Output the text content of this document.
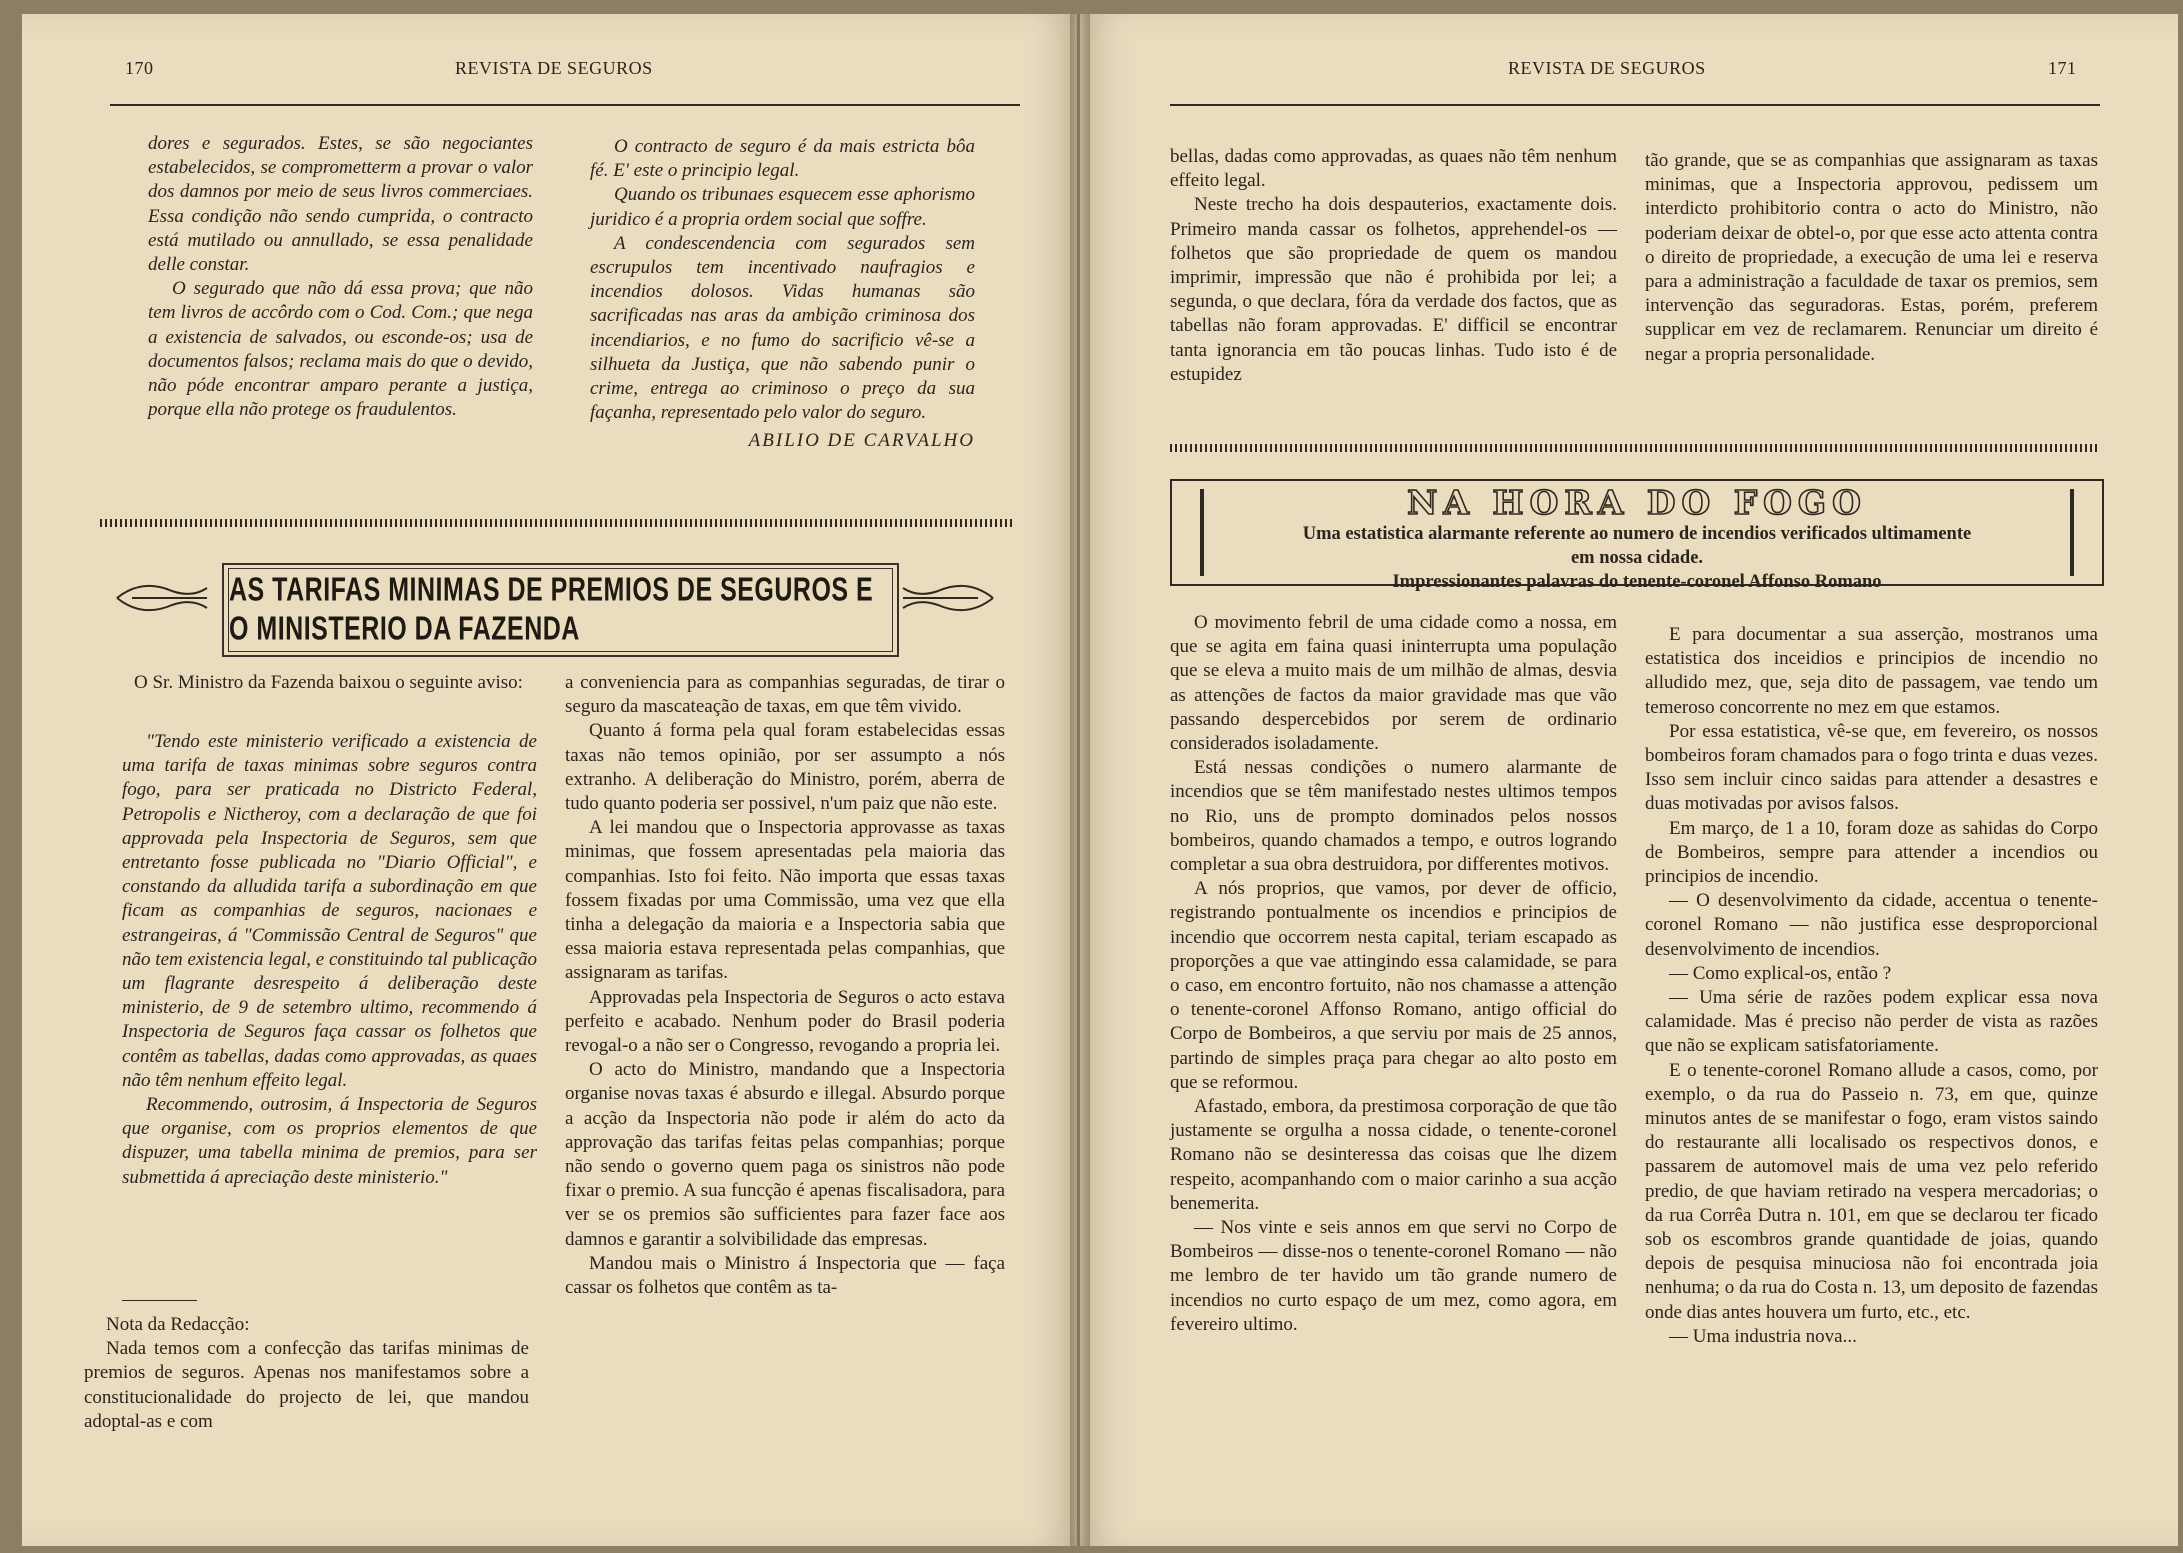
170	REVISTA DE SEGUROS

dores e segurados. Estes, se são negociantes estabelecidos, se comprometterm a provar o valor dos damnos por meio de seus livros commerciaes. Essa condição não sendo cumprida, o contracto está mutilado ou annullado, se essa penalidade delle constar.

O segurado que não dá essa prova; que não tem livros de accôrdo com o Cod. Com.; que nega a existencia de salvados, ou esconde-os; usa de documentos falsos; reclama mais do que o devido, não póde encontrar amparo perante a justiça, porque ella não protege os fraudulentos.

O contracto de seguro é da mais estricta bôa fé. E' este o principio legal.

Quando os tribunaes esquecem esse aphorismo juridico é a propria ordem social que soffre.

A condescendencia com segurados sem escrupulos tem incentivado naufragios e incendios dolosos. Vidas humanas são sacrificadas nas aras da ambição criminosa dos incendiarios, e no fumo do sacrificio vê-se a silhueta da Justiça, que não sabendo punir o crime, entrega ao criminoso o preço da sua façanha, representado pelo valor do seguro.

ABILIO DE CARVALHO
AS TARIFAS MINIMAS DE PREMIOS DE SEGUROS E O MINISTERIO DA FAZENDA

O Sr. Ministro da Fazenda baixou o seguinte aviso:

"Tendo este ministerio verificado a existencia de uma tarifa de taxas minimas sobre seguros contra fogo, para ser praticada no Districto Federal, Petropolis e Nictheroy, com a declaração de que foi approvada pela Inspectoria de Seguros, sem que entretanto fosse publicada no "Diario Official", e constando da alludida tarifa a subordinação em que ficam as companhias de seguros, nacionaes e estrangeiras, á "Commissão Central de Seguros" que não tem existencia legal, e constituindo tal publicação um flagrante desrespeito á deliberação deste ministerio, de 9 de setembro ultimo, recommendo á Inspectoria de Seguros faça cassar os folhetos que contêm as tabellas, dadas como approvadas, as quaes não têm nenhum effeito legal.

Recommendo, outrosim, á Inspectoria de Seguros que organise, com os proprios elementos de que dispuzer, uma tabella minima de premios, para ser submettida á apreciação deste ministerio."

Nota da Redacção:

Nada temos com a confecção das tarifas minimas de premios de seguros. Apenas nos manifestamos sobre a constitucionalidade do projecto de lei, que mandou adoptal-as e com

a conveniencia para as companhias seguradas, de tirar o seguro da mascateação de taxas, em que têm vivido.

Quanto á forma pela qual foram estabelecidas essas taxas não temos opinião, por ser assumpto a nós extranho. A deliberação do Ministro, porém, aberra de tudo quanto poderia ser possivel, n'um paiz que não este.

A lei mandou que o Inspectoria approvasse as taxas minimas, que fossem apresentadas pela maioria das companhias. Isto foi feito. Não importa que essas taxas fossem fixadas por uma Commissão, uma vez que ella tinha a delegação da maioria e a Inspectoria sabia que essa maioria estava representada pelas companhias, que assignaram as tarifas.

Approvadas pela Inspectoria de Seguros o acto estava perfeito e acabado. Nenhum poder do Brasil poderia revogal-o a não ser o Congresso, revogando a propria lei.

O acto do Ministro, mandando que a Inspectoria organise novas taxas é absurdo e illegal. Absurdo porque a acção da Inspectoria não pode ir além do acto da approvação das tarifas feitas pelas companhias; porque não sendo o governo quem paga os sinistros não pode fixar o premio. A sua funcção é apenas fiscalisadora, para ver se os premios são sufficientes para fazer face aos damnos e garantir a solvibilidade das empresas.

Mandou mais o Ministro á Inspectoria que — faça cassar os folhetos que contêm as ta-

REVISTA DE SEGUROS	171

bellas, dadas como approvadas, as quaes não têm nenhum effeito legal.

Neste trecho ha dois despauterios, exactamente dois. Primeiro manda cassar os folhetos, apprehendel-os — folhetos que são propriedade de quem os mandou imprimir, impressão que não é prohibida por lei; a segunda, o que declara, fóra da verdade dos factos, que as tabellas não foram approvadas. E' difficil se encontrar tanta ignorancia em tão poucas linhas. Tudo isto é de estupidez

tão grande, que se as companhias que assignaram as taxas minimas, que a Inspectoria approvou, pedissem um interdicto prohibitorio contra o acto do Ministro, não poderiam deixar de obtel-o, por que esse acto attenta contra o direito de propriedade, a execução de uma lei e reserva para a administração a faculdade de taxar os premios, sem intervenção das seguradoras. Estas, porém, preferem supplicar em vez de reclamarem. Renunciar um direito é negar a propria personalidade.

NA HORA DO FOGO
Uma estatistica alarmante referente ao numero de incendios verificados ultimamente em nossa cidade.
Impressionantes palavras do tenente-coronel Affonso Romano

O movimento febril de uma cidade como a nossa, em que se agita em faina quasi ininterrupta uma população que se eleva a muito mais de um milhão de almas, desvia as attenções de factos da maior gravidade mas que vão passando despercebidos por serem de ordinario considerados isoladamente.

Está nessas condições o numero alarmante de incendios que se têm manifestado nestes ultimos tempos no Rio, uns de prompto dominados pelos nossos bombeiros, quando chamados a tempo, e outros logrando completar a sua obra destruidora, por differentes motivos.

A nós proprios, que vamos, por dever de officio, registrando pontualmente os incendios e principios de incendio que occorrem nesta capital, teriam escapado as proporções a que vae attingindo essa calamidade, se para o caso, em encontro fortuito, não nos chamasse a attenção o tenente-coronel Affonso Romano, antigo official do Corpo de Bombeiros, a que serviu por mais de 25 annos, partindo de simples praça para chegar ao alto posto em que se reformou.

Afastado, embora, da prestimosa corporação de que tão justamente se orgulha a nossa cidade, o tenente-coronel Romano não se desinteressa das coisas que lhe dizem respeito, acompanhando com o maior carinho a sua acção benemerita.

— Nos vinte e seis annos em que servi no Corpo de Bombeiros — disse-nos o tenente-coronel Romano — não me lembro de ter havido um tão grande numero de incendios no curto espaço de um mez, como agora, em fevereiro ultimo.

E para documentar a sua asserção, mostranos uma estatistica dos inceidios e principios de incendio no alludido mez, que, seja dito de passagem, vae tendo um temeroso concorrente no mez em que estamos.

Por essa estatistica, vê-se que, em fevereiro, os nossos bombeiros foram chamados para o fogo trinta e duas vezes. Isso sem incluir cinco saidas para attender a desastres e duas motivadas por avisos falsos.

Em março, de 1 a 10, foram doze as sahidas do Corpo de Bombeiros, sempre para attender a incendios ou principios de incendio.

— O desenvolvimento da cidade, accentua o tenente-coronel Romano — não justifica esse desproporcional desenvolvimento de incendios.

— Como explical-os, então ?

— Uma série de razões podem explicar essa nova calamidade. Mas é preciso não perder de vista as razões que não se explicam satisfatoriamente.

E o tenente-coronel Romano allude a casos, como, por exemplo, o da rua do Passeio n. 73, em que, quinze minutos antes de se manifestar o fogo, eram vistos saindo do restaurante alli localisado os respectivos donos, e passarem de automovel mais de uma vez pelo referido predio, de que haviam retirado na vespera mercadorias; o da rua Corrêa Dutra n. 101, em que se declarou ter ficado sob os escombros grande quantidade de joias, quando depois de pesquisa minuciosa não foi encontrada joia nenhuma; o da rua do Costa n. 13, um deposito de fazendas onde dias antes houvera um furto, etc., etc.

— Uma industria nova...
